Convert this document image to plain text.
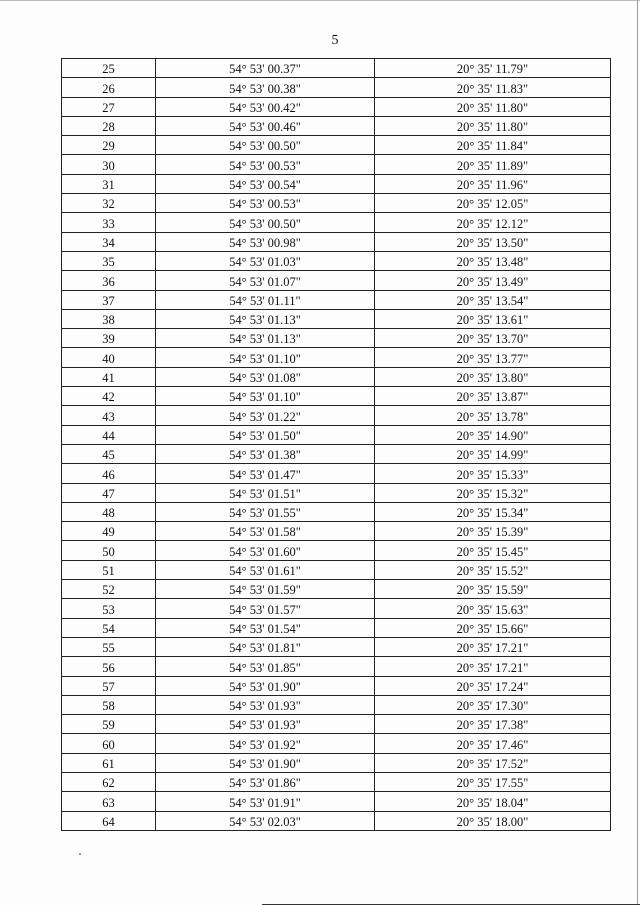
5
25	54° 53' 00.37"	20° 35' 11.79"
26	54° 53' 00.38"	20° 35' 11.83"
27	54° 53' 00.42"	20° 35' 11.80"
28	54° 53' 00.46"	20° 35' 11.80"
29	54° 53' 00.50"	20° 35' 11.84"
30	54° 53' 00.53"	20° 35' 11.89"
31	54° 53' 00.54"	20° 35' 11.96"
32	54° 53' 00.53"	20° 35' 12.05"
33	54° 53' 00.50"	20° 35' 12.12"
34	54° 53' 00.98"	20° 35' 13.50"
35	54° 53' 01.03"	20° 35' 13.48"
36	54° 53' 01.07"	20° 35' 13.49"
37	54° 53' 01.11"	20° 35' 13.54"
38	54° 53' 01.13"	20° 35' 13.61"
39	54° 53' 01.13"	20° 35' 13.70"
40	54° 53' 01.10"	20° 35' 13.77"
41	54° 53' 01.08"	20° 35' 13.80"
42	54° 53' 01.10"	20° 35' 13.87"
43	54° 53' 01.22"	20° 35' 13.78"
44	54° 53' 01.50"	20° 35' 14.90"
45	54° 53' 01.38"	20° 35' 14.99"
46	54° 53' 01.47"	20° 35' 15.33"
47	54° 53' 01.51"	20° 35' 15.32"
48	54° 53' 01.55"	20° 35' 15.34"
49	54° 53' 01.58"	20° 35' 15.39"
50	54° 53' 01.60"	20° 35' 15.45"
51	54° 53' 01.61"	20° 35' 15.52"
52	54° 53' 01.59"	20° 35' 15.59"
53	54° 53' 01.57"	20° 35' 15.63"
54	54° 53' 01.54"	20° 35' 15.66"
55	54° 53' 01.81"	20° 35' 17.21"
56	54° 53' 01.85"	20° 35' 17.21"
57	54° 53' 01.90"	20° 35' 17.24"
58	54° 53' 01.93"	20° 35' 17.30"
59	54° 53' 01.93"	20° 35' 17.38"
60	54° 53' 01.92"	20° 35' 17.46"
61	54° 53' 01.90"	20° 35' 17.52"
62	54° 53' 01.86"	20° 35' 17.55"
63	54° 53' 01.91"	20° 35' 18.04"
64	54° 53' 02.03"	20° 35' 18.00"
